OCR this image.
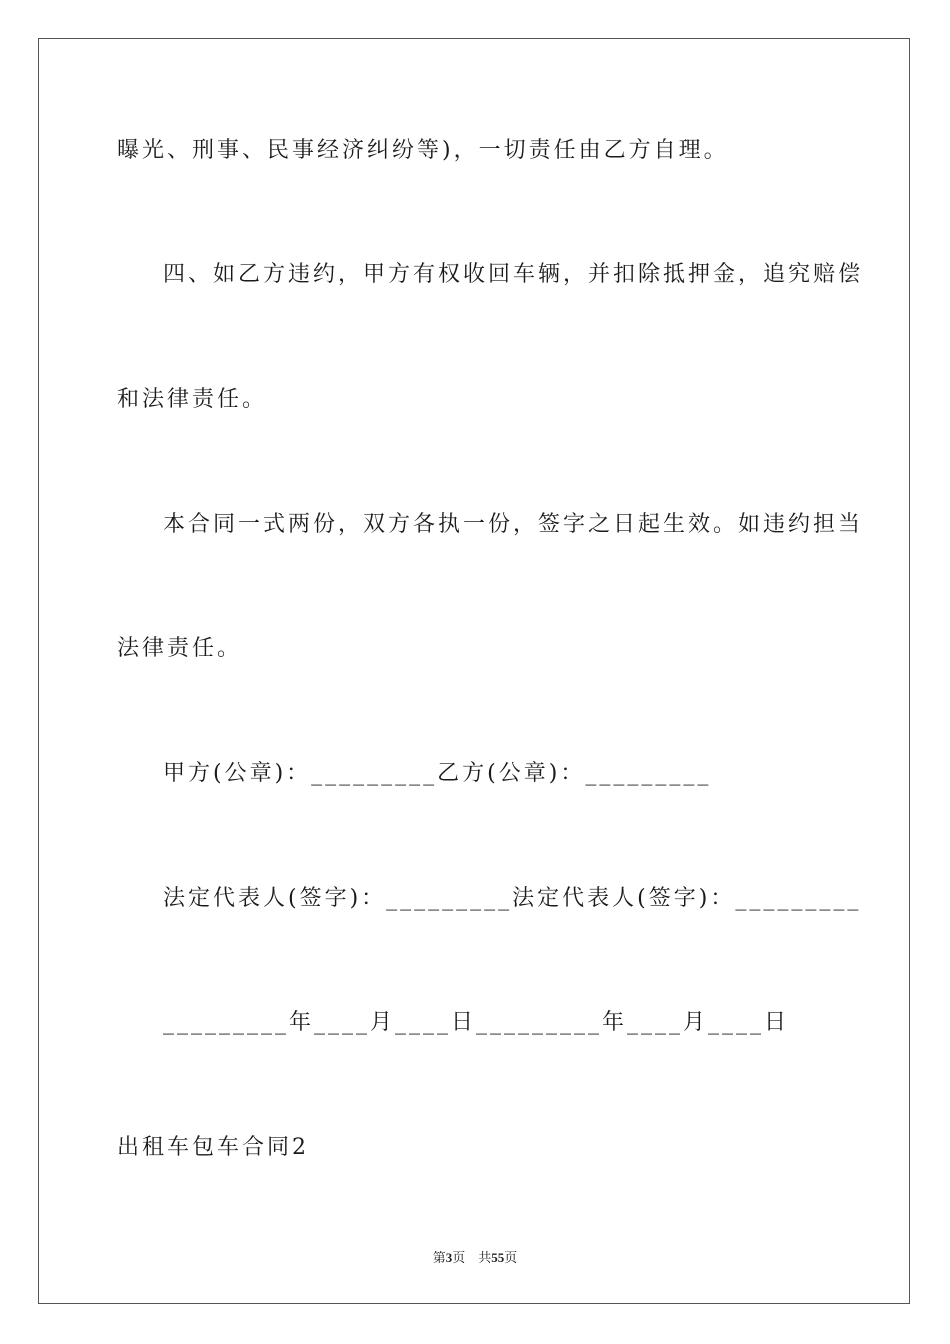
曝光、刑事、民事经济纠纷等)，一切责任由乙方自理。
四、如乙方违约，甲方有权收回车辆，并扣除抵押金，追究赔偿
和法律责任。
本合同一式两份，双方各执一份，签字之日起生效。如违约担当
法律责任。
甲方(公章)：_________乙方(公章)：_________
法定代表人(签字)：_________法定代表人(签字)：_________
_________年____月____日_________年____月____日
出租车包车合同2
第3页 共55页
